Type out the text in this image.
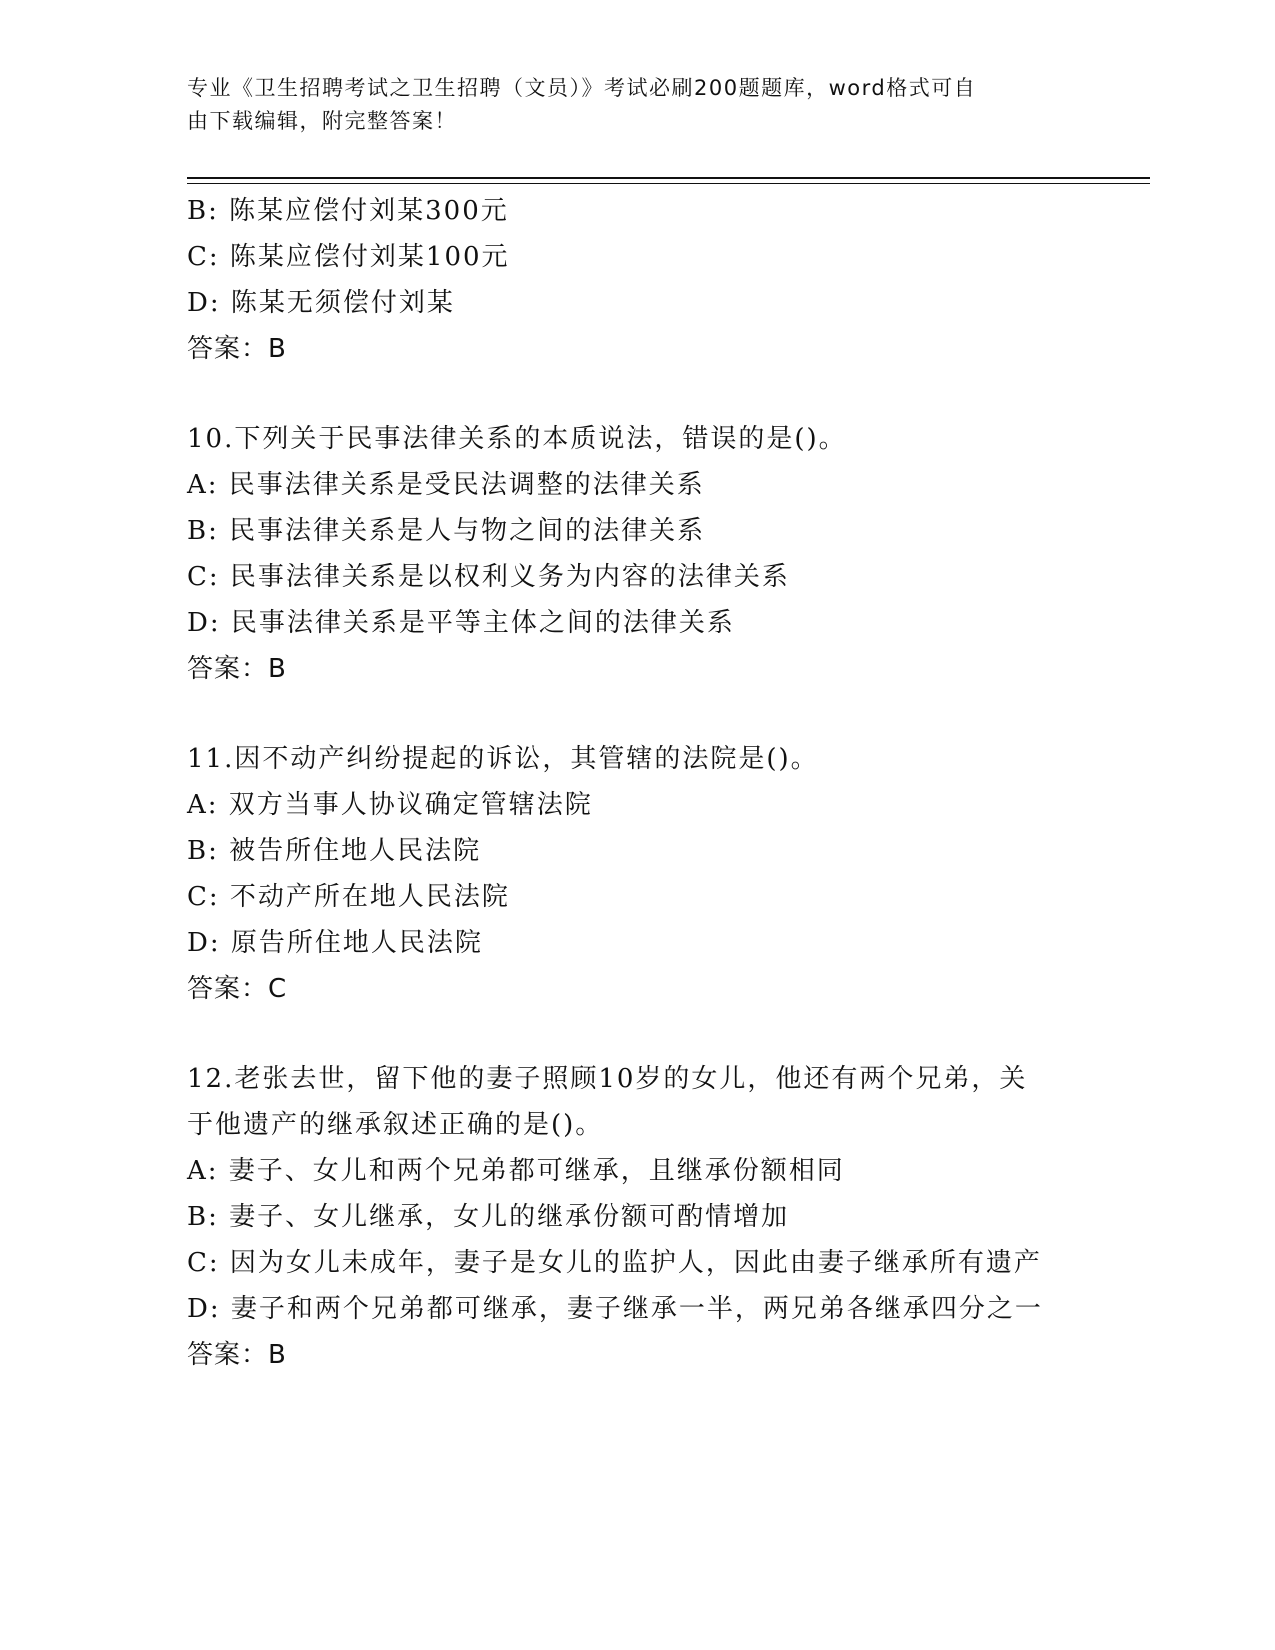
专业《卫生招聘考试之卫生招聘（文员）》考试必刷200题题库，word格式可自
由下载编辑，附完整答案！
B: 陈某应偿付刘某300元
C: 陈某应偿付刘某100元
D: 陈某无须偿付刘某
答案：B
10.下列关于民事法律关系的本质说法，错误的是()。
A: 民事法律关系是受民法调整的法律关系
B: 民事法律关系是人与物之间的法律关系
C: 民事法律关系是以权利义务为内容的法律关系
D: 民事法律关系是平等主体之间的法律关系
答案：B
11.因不动产纠纷提起的诉讼，其管辖的法院是()。
A: 双方当事人协议确定管辖法院
B: 被告所住地人民法院
C: 不动产所在地人民法院
D: 原告所住地人民法院
答案：C
12.老张去世，留下他的妻子照顾10岁的女儿，他还有两个兄弟，关
于他遗产的继承叙述正确的是()。
A: 妻子、女儿和两个兄弟都可继承，且继承份额相同
B: 妻子、女儿继承，女儿的继承份额可酌情增加
C: 因为女儿未成年，妻子是女儿的监护人，因此由妻子继承所有遗产
D: 妻子和两个兄弟都可继承，妻子继承一半，两兄弟各继承四分之一
答案：B
